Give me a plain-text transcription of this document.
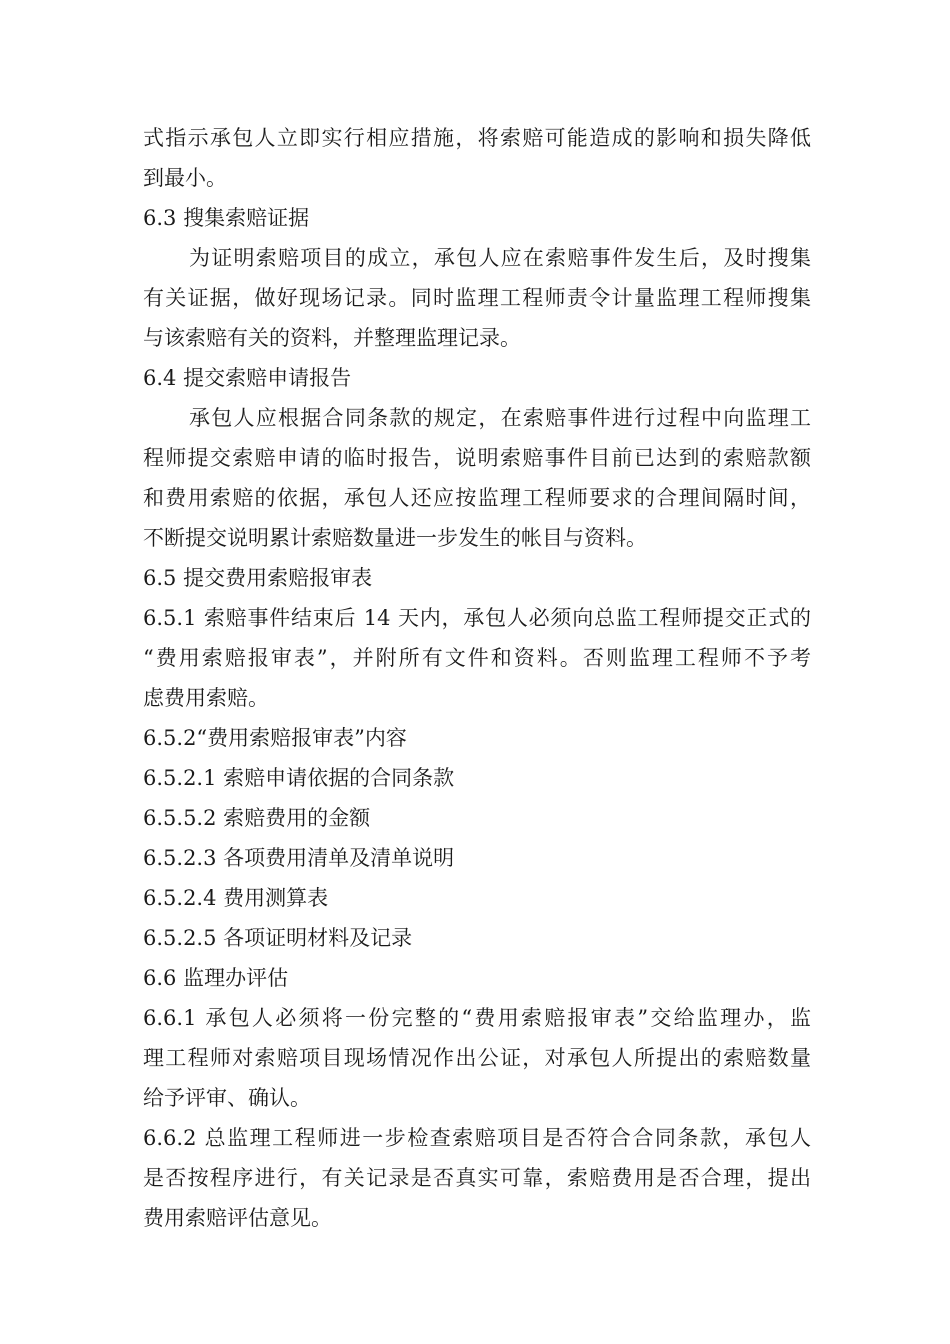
式指示承包人立即实行相应措施，将索赔可能造成的影响和损失降低
到最小。
6.3 搜集索赔证据
为证明索赔项目的成立，承包人应在索赔事件发生后，及时搜集
有关证据，做好现场记录。同时监理工程师责令计量监理工程师搜集
与该索赔有关的资料，并整理监理记录。
6.4 提交索赔申请报告
承包人应根据合同条款的规定，在索赔事件进行过程中向监理工
程师提交索赔申请的临时报告，说明索赔事件目前已达到的索赔款额
和费用索赔的依据，承包人还应按监理工程师要求的合理间隔时间，
不断提交说明累计索赔数量进一步发生的帐目与资料。
6.5 提交费用索赔报审表
6.5.1 索赔事件结束后 14 天内，承包人必须向总监工程师提交正式的
“费用索赔报审表”，并附所有文件和资料。否则监理工程师不予考
虑费用索赔。
6.5.2“费用索赔报审表”内容
6.5.2.1 索赔申请依据的合同条款
6.5.5.2 索赔费用的金额
6.5.2.3 各项费用清单及清单说明
6.5.2.4 费用测算表
6.5.2.5 各项证明材料及记录
6.6 监理办评估
6.6.1 承包人必须将一份完整的“费用索赔报审表”交给监理办，监
理工程师对索赔项目现场情况作出公证，对承包人所提出的索赔数量
给予评审、确认。
6.6.2 总监理工程师进一步检查索赔项目是否符合合同条款，承包人
是否按程序进行，有关记录是否真实可靠，索赔费用是否合理，提出
费用索赔评估意见。
